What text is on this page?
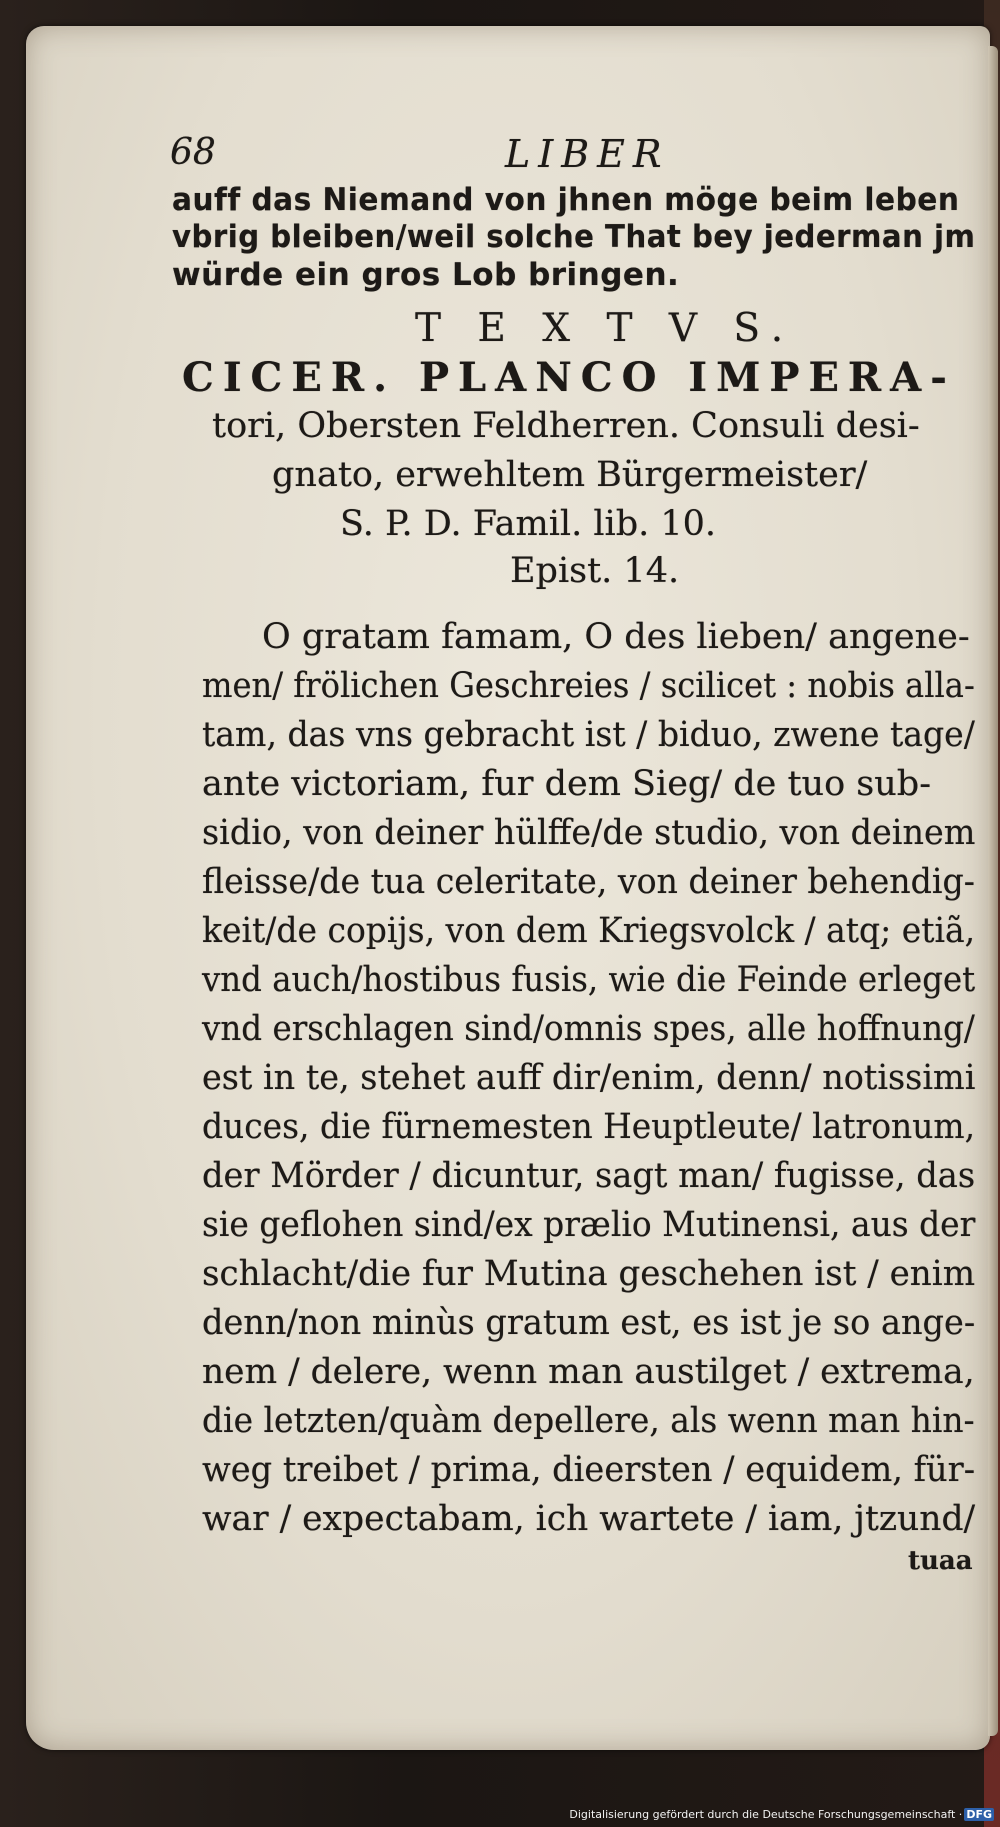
68	LIBER
auff das Niemand von jhnen möge beim leben
vbrig bleiben/weil solche That bey jederman jm
würde ein gros Lob bringen.
T E X T V S.
CICER. PLANCO IMPERA-
tori, Obersten Feldherren. Consuli desi-
gnato, erwehltem Bürgermeister/
S. P. D. Famil. lib. 10.
Epist. 14.
O gratam famam, O des lieben/ angene-
men/ frölichen Geschreies / scilicet : nobis alla-
tam, das vns gebracht ist / biduo, zwene tage/
ante victoriam, fur dem Sieg/ de tuo sub-
sidio, von deiner hülffe/de studio, von deinem
fleisse/de tua celeritate, von deiner behendig-
keit/de copijs, von dem Kriegsvolck / atq; etiã,
vnd auch/hostibus fusis, wie die Feinde erleget
vnd erschlagen sind/omnis spes, alle hoffnung/
est in te, stehet auff dir/enim, denn/ notissimi
duces, die fürnemesten Heuptleute/ latronum,
der Mörder / dicuntur, sagt man/ fugisse, das
sie geflohen sind/ex prælio Mutinensi, aus der
schlacht/die fur Mutina geschehen ist / enim
denn/non minùs gratum est, es ist je so ange-
nem / delere, wenn man austilget / extrema,
die letzten/quàm depellere, als wenn man hin-
weg treibet / prima, dieersten / equidem, für-
war / expectabam, ich wartete / iam, jtzund/
tuaa
Digitalisierung gefördert durch die Deutsche Forschungsgemeinschaft · DFG
